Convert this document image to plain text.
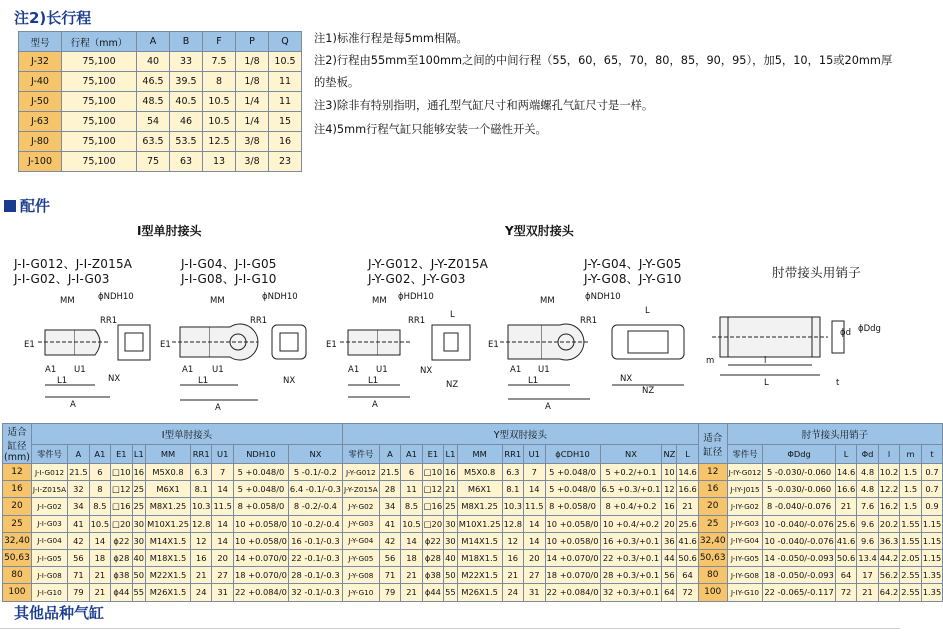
注2)长行程
型号	行程（mm）	A	B	F	P	Q
J-32	75,100	40	33	7.5	1/8	10.5
J-40	75,100	46.5	39.5	8	1/8	11
J-50	75,100	48.5	40.5	10.5	1/4	11
J-63	75,100	54	46	10.5	1/4	15
J-80	75,100	63.5	53.5	12.5	3/8	16
J-100	75,100	75	63	13	3/8	23
注1)标准行程是每5mm相隔。
注2)行程由55mm至100mm之间的中间行程（55，60，65，70，80，85，90，95），加5，10，15或20mm厚的垫板。
注3)除非有特别指明，通孔型气缸尺寸和两端螺孔气缸尺寸是一样。
注4)5mm行程气缸只能够安装一个磁性开关。
配件
I型单肘接头	Y型双肘接头
J-I-G012、J-I-Z015A
J-I-G02、J-I-G03
J-I-G04、J-I-G05
J-I-G08、J-I-G10
J-Y-G012、J-Y-Z015A
J-Y-G02、J-Y-G03
J-Y-G04、J-Y-G05
J-Y-G08、J-Y-G10	肘带接头用销子
MM	ϕNDH10
RR1
E1
A1 U1
L1
A
NX
MM	ϕNDH10
RR1
E1
A1 U1
L1
A
NX
MM ϕHDH10
RR1
L
E1
A1 U1
L1
A
NX
NZ
MM	ϕNDH10
RR1
E1
A1 U1
L1
A
NX
NZ
L
ϕd ϕDdg
m	l
L	t
适合缸径 (mm)	I型单肘接头										Y型双肘接头												适合缸径	肘节接头用销子						
	零件号	A	A1	E1	L1	MM	RR1	U1	NDH10	NX	零件号	A	A1	E1	L1	MM	RR1	U1	ϕCDH10	NX	NZ	L		零件号	ΦDdg	L	Φd	l	m	t
12	J-I-G012	21.5	6	□10	16	M5X0.8	6.3	7	5 +0.048/0	5 -0.1/-0.2	J-Y-G012	21.5	6	□10	16	M5X0.8	6.3	7	5 +0.048/0	5 +0.2/+0.1	10	14.6	12	J-IY-G012	5 -0.030/-0.060	14.6	4.8	10.2	1.5	0.7
16	J-I-Z015A	32	8	□12	25	M6X1	8.1	14	5 +0.048/0	6.4 -0.1/-0.3	J-Y-Z015A	28	11	□12	21	M6X1	8.1	14	5 +0.048/0	6.5 +0.3/+0.1	12	16.6	16	J-IY-J015	5 -0.030/-0.060	16.6	4.8	12.2	1.5	0.7
20	J-I-G02	34	8.5	□16	25	M8X1.25	10.3	11.5	8 +0.058/0	8 -0.2/-0.4	J-Y-G02	34	8.5	□16	25	M8X1.25	10.3	11.5	8 +0.058/0	8 +0.4/+0.2	16	21	20	J-IY-G02	8 -0.040/-0.076	21	7.6	16.2	1.5	0.9
25	J-I-G03	41	10.5	□20	30	M10X1.25	12.8	14	10 +0.058/0	10 -0.2/-0.4	J-Y-G03	41	10.5	□20	30	M10X1.25	12.8	14	10 +0.058/0	10 +0.4/+0.2	20	25.6	25	J-IY-G03	10 -0.040/-0.076	25.6	9.6	20.2	1.55	1.15
32,40	J-I-G04	42	14	ϕ22	30	M14X1.5	12	14	10 +0.058/0	16 -0.1/-0.3	J-Y-G04	42	14	ϕ22	30	M14X1.5	12	14	10 +0.058/0	16 +0.3/+0.1	36	41.6	32,40	J-IY-G04	10 -0.040/-0.076	41.6	9.6	36.3	1.55	1.15
50,63	J-I-G05	56	18	ϕ28	40	M18X1.5	16	20	14 +0.070/0	22 -0.1/-0.3	J-Y-G05	56	18	ϕ28	40	M18X1.5	16	20	14 +0.070/0	22 +0.3/+0.1	44	50.6	50,63	J-IY-G05	14 -0.050/-0.093	50.6	13.4	44.2	2.05	1.15
80	J-I-G08	71	21	ϕ38	50	M22X1.5	21	27	18 +0.070/0	28 -0.1/-0.3	J-Y-G08	71	21	ϕ38	50	M22X1.5	21	27	18 +0.070/0	28 +0.3/+0.1	56	64	80	J-IY-G08	18 -0.050/-0.093	64	17	56.2	2.55	1.35
100	J-I-G10	79	21	ϕ44	55	M26X1.5	24	31	22 +0.084/0	32 -0.1/-0.3	J-Y-G10	79	21	ϕ44	55	M26X1.5	24	31	22 +0.084/0	32 +0.3/+0.1	64	72	100	J-IY-G10	22 -0.065/-0.117	72	21	64.2	2.55	1.35
其他品种气缸
